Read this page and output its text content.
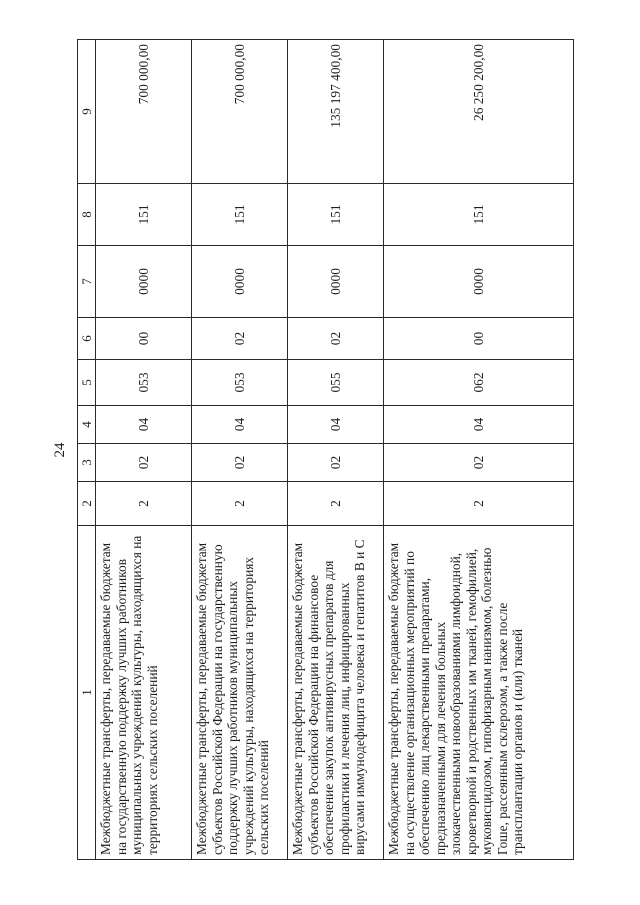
24
1	2	3	4	5	6	7	8	9
Межбюджетные трансферты, передаваемые бюджетам на государственную поддержку лучших работников муниципальных учреждений культуры, находящихся на территориях сельских поселений	2	02	04	053	00	0000	151	700 000,00
Межбюджетные трансферты, передаваемые бюджетам субъектов Российской Федерации на государственную поддержку лучших работников муниципальных учреждений культуры, находящихся на территориях сельских поселений	2	02	04	053	02	0000	151	700 000,00
Межбюджетные трансферты, передаваемые бюджетам субъектов Российской Федерации на финансовое обеспечение закупок антивирусных препаратов для профилактики и лечения лиц, инфицированных вирусами иммунодефицита человека и гепатитов В и С	2	02	04	055	02	0000	151	135 197 400,00
Межбюджетные трансферты, передаваемые бюджетам на осуществление организационных мероприятий по обеспечению лиц лекарственными препаратами, предназначенными для лечения больных злокачественными новообразованиями лимфоидной, кроветворной и родственных им тканей, гемофилией, муковисцидозом, гипофизарным нанизмом, болезнью Гоше, рассеянным склерозом, а также после трансплантации органов и (или) тканей	2	02	04	062	00	0000	151	26 250 200,00
